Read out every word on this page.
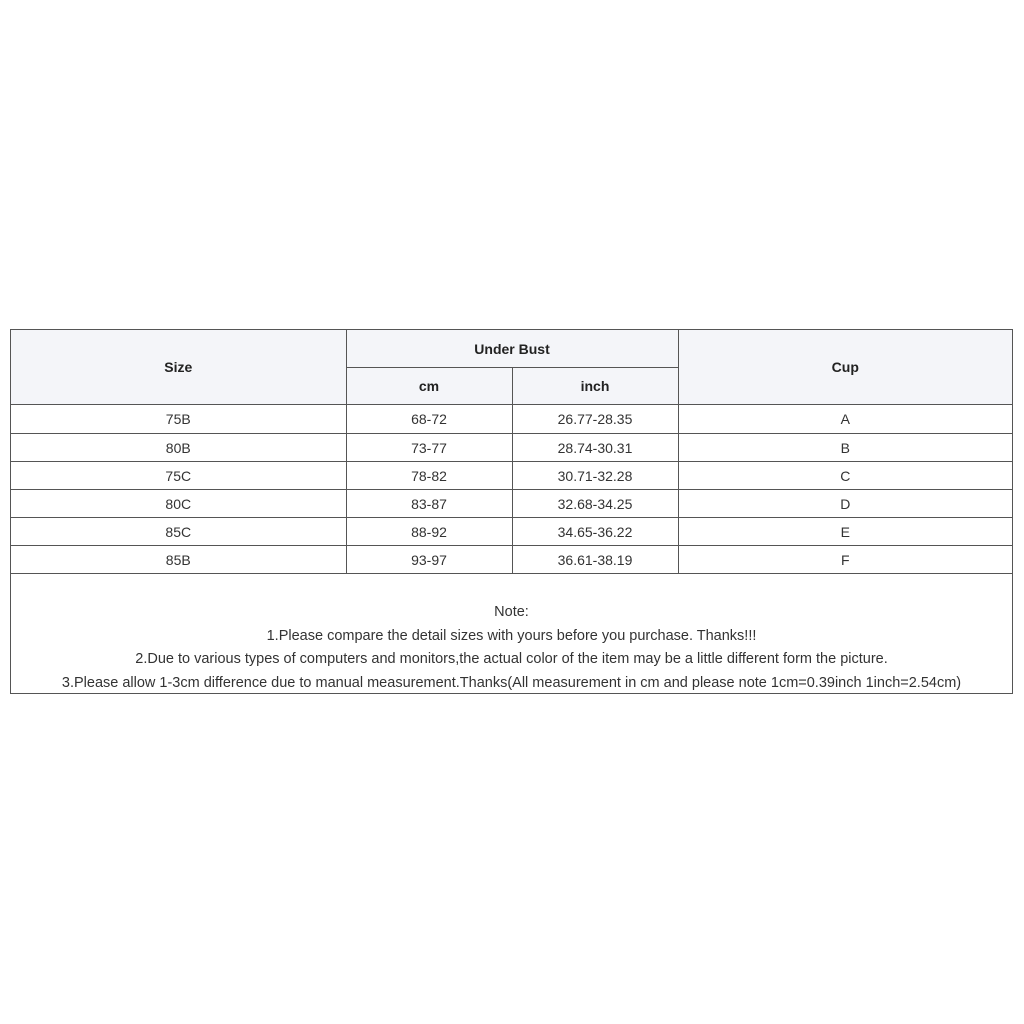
Size	Under Bust		Cup
	cm	inch	
75B	68-72	26.77-28.35	A
80B	73-77	28.74-30.31	B
75C	78-82	30.71-32.28	C
80C	83-87	32.68-34.25	D
85C	88-92	34.65-36.22	E
85B	93-97	36.61-38.19	F
Note:
1.Please compare the detail sizes with yours before you purchase. Thanks!!!
2.Due to various types of computers and monitors,the actual color of the item may be a little different form the picture.
3.Please allow 1-3cm difference due to manual measurement.Thanks(All measurement in cm and please note 1cm=0.39inch 1inch=2.54cm)
